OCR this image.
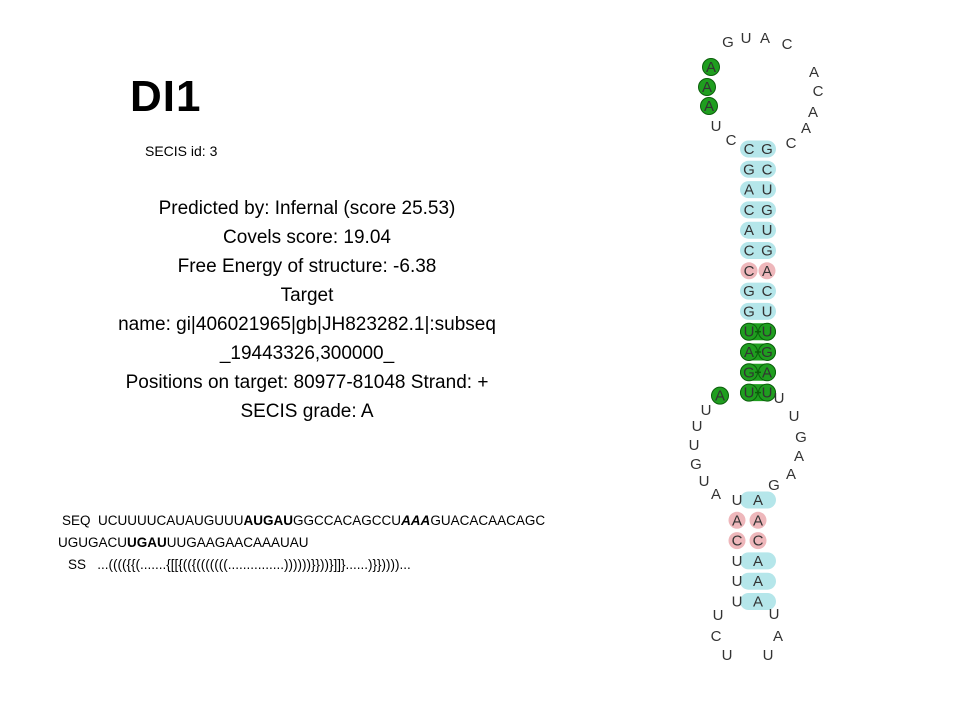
DI1
SECIS id: 3
Predicted by: Infernal (score 25.53)
Covels score: 19.04
Free Energy of structure: -6.38
Target
name: gi|406021965|gb|JH823282.1|:subseq
_19443326,300000_
Positions on target: 80977-81048 Strand: +
SECIS grade: A
SEQ UCUUUUCAUAUGUUUAUGAUGGCCACAGCCUAAAGUACACAACAGC
UGUGACUUGAUUUGAAGAACAAAUAU
SS ...(((({{(.......{[[{(({(((((((...............))))))}}))}]]}......)}}))))...
A
A
A
G U A C
A
C
A
A
C
U
C
C G
G C
A U
C G
A U
C G
C A
G C
G U
U U
A G
G A
U U
A
U
U
U
G
U
A
U
U
G
A
A
G
U A
A A
C C
U A
U A
U A
U
C
U
U
A
U
